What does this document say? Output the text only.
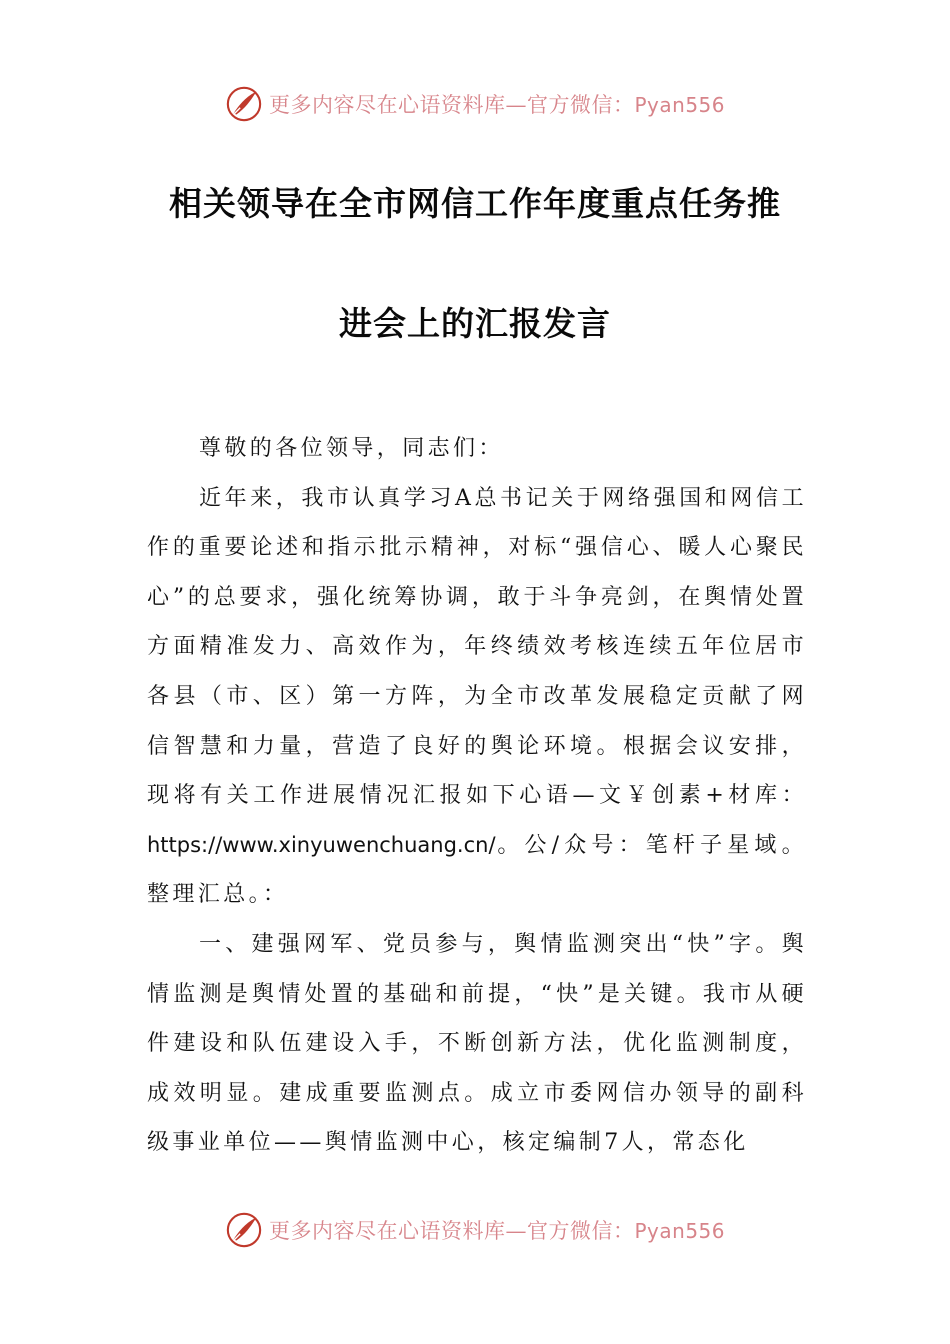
更多内容尽在心语资料库—官方微信：Pyan556
相关领导在全市网信工作年度重点任务推
进会上的汇报发言

尊敬的各位领导，同志们：

近年来，我市认真学习A总书记关于网络强国和网信工作的重要论述和指示批示精神，对标“强信心、暖人心聚民心”的总要求，强化统筹协调，敢于斗争亮剑，在舆情处置方面精准发力、高效作为，年终绩效考核连续五年位居市各县（市、区）第一方阵，为全市改革发展稳定贡献了网信智慧和力量，营造了良好的舆论环境。根据会议安排，现将有关工作进展情况汇报如下心语—文￥创素+材库：https://www.xinyuwenchuang.cn/。公/众号：笔杆子星域。整理汇总。：

一、建强网军、党员参与，舆情监测突出“快”字。舆情监测是舆情处置的基础和前提，“快”是关键。我市从硬件建设和队伍建设入手，不断创新方法，优化监测制度，成效明显。建成重要监测点。成立市委网信办领导的副科级事业单位——舆情监测中心，核定编制7人，常态化

更多内容尽在心语资料库—官方微信：Pyan556
